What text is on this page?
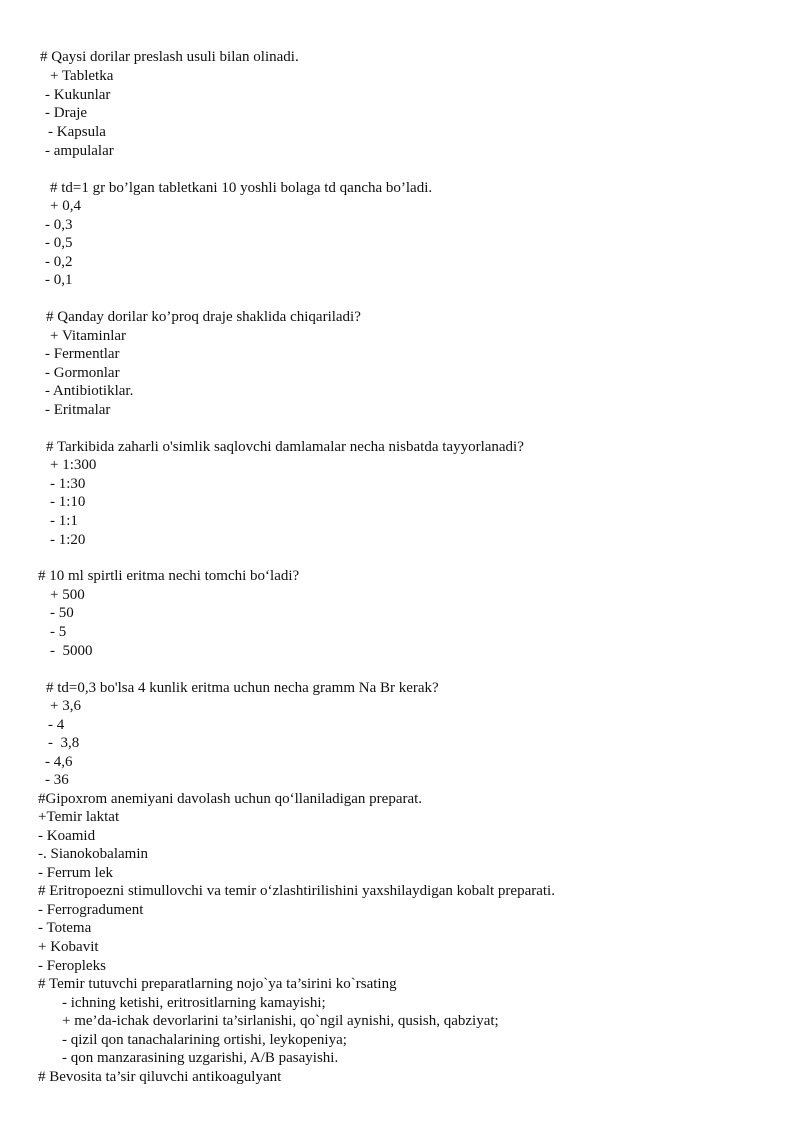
# Qaysi dorilar preslash usuli bilan olinadi.
+ Tabletka
- Kukunlar
- Draje
- Kapsula
- ampulalar
# td=1 gr bo’lgan tabletkani 10 yoshli bolaga td qancha bo’ladi.
+ 0,4
- 0,3
- 0,5
- 0,2
- 0,1
# Qanday dorilar ko’proq draje shaklida chiqariladi?
+ Vitaminlar
- Fermentlar
- Gormonlar
- Antibiotiklar.
- Eritmalar
# Tarkibida zaharli o'simlik saqlovchi damlamalar necha nisbatda tayyorlanadi?
+ 1:300
- 1:30
- 1:10
- 1:1
- 1:20
# 10 ml spirtli eritma nechi tomchi bo‘ladi?
+ 500
- 50
- 5
-  5000
# td=0,3 bo'lsa 4 kunlik eritma uchun necha gramm Na Br kerak?
+ 3,6
- 4
-  3,8
- 4,6
- 36
#Gipoxrom anemiyani davolash uchun qo‘llaniladigan preparat.
+Temir laktat
- Koamid
-. Sianokobalamin
- Ferrum lek
# Eritropoezni stimullovchi va temir o‘zlashtirilishini yaxshilaydigan kobalt preparati.
- Ferrogradument
- Totema
+ Kobavit
- Feropleks
# Temir tutuvchi preparatlarning nojo`ya ta’sirini ko`rsating
- ichning ketishi, eritrositlarning kamayishi;
+ me’da-ichak devorlarini ta’sirlanishi, qo`ngil aynishi, qusish, qabziyat;
- qizil qon tanachalarining ortishi, leykopeniya;
- qon manzarasining uzgarishi, A/B pasayishi.
# Bevosita ta’sir qiluvchi antikoagulyant
